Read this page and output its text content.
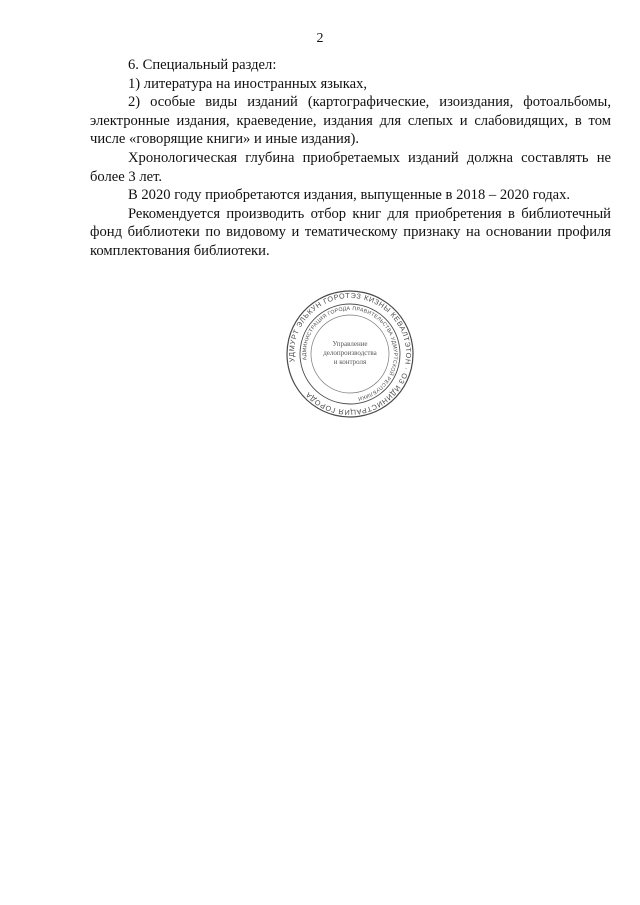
2

6. Специальный раздел:

1) литература на иностранных языках,

2) особые виды изданий (картографические, изоиздания, фотоальбомы, электронные издания, краеведение, издания для слепых и слабовидящих, в том числе «говорящие книги» и иные издания).

Хронологическая глубина приобретаемых изданий должна составлять не более 3 лет.

В 2020 году приобретаются издания, выпущенные в 2018 – 2020 годах.

Рекомендуется производить отбор книг для приобретения в библиотечный фонд библиотеки по видовому и тематическому признаку на основании профиля комплектования библиотеки.

УДМУРТ ЭЛЬКУН ГОРОТЭЗ КИЗНЫ КЕВАЛТЭТОН · ОЗ ИДИНИСТРАЦИЯ ГОРОДА
АДМИНИСТРАЦИЯ ГОРОДА ПРАВИТЕЛЬСТВА УДМУРТСКОЙ РЕСПУБЛИКИ
Управление
делопроизводства
и контроля
